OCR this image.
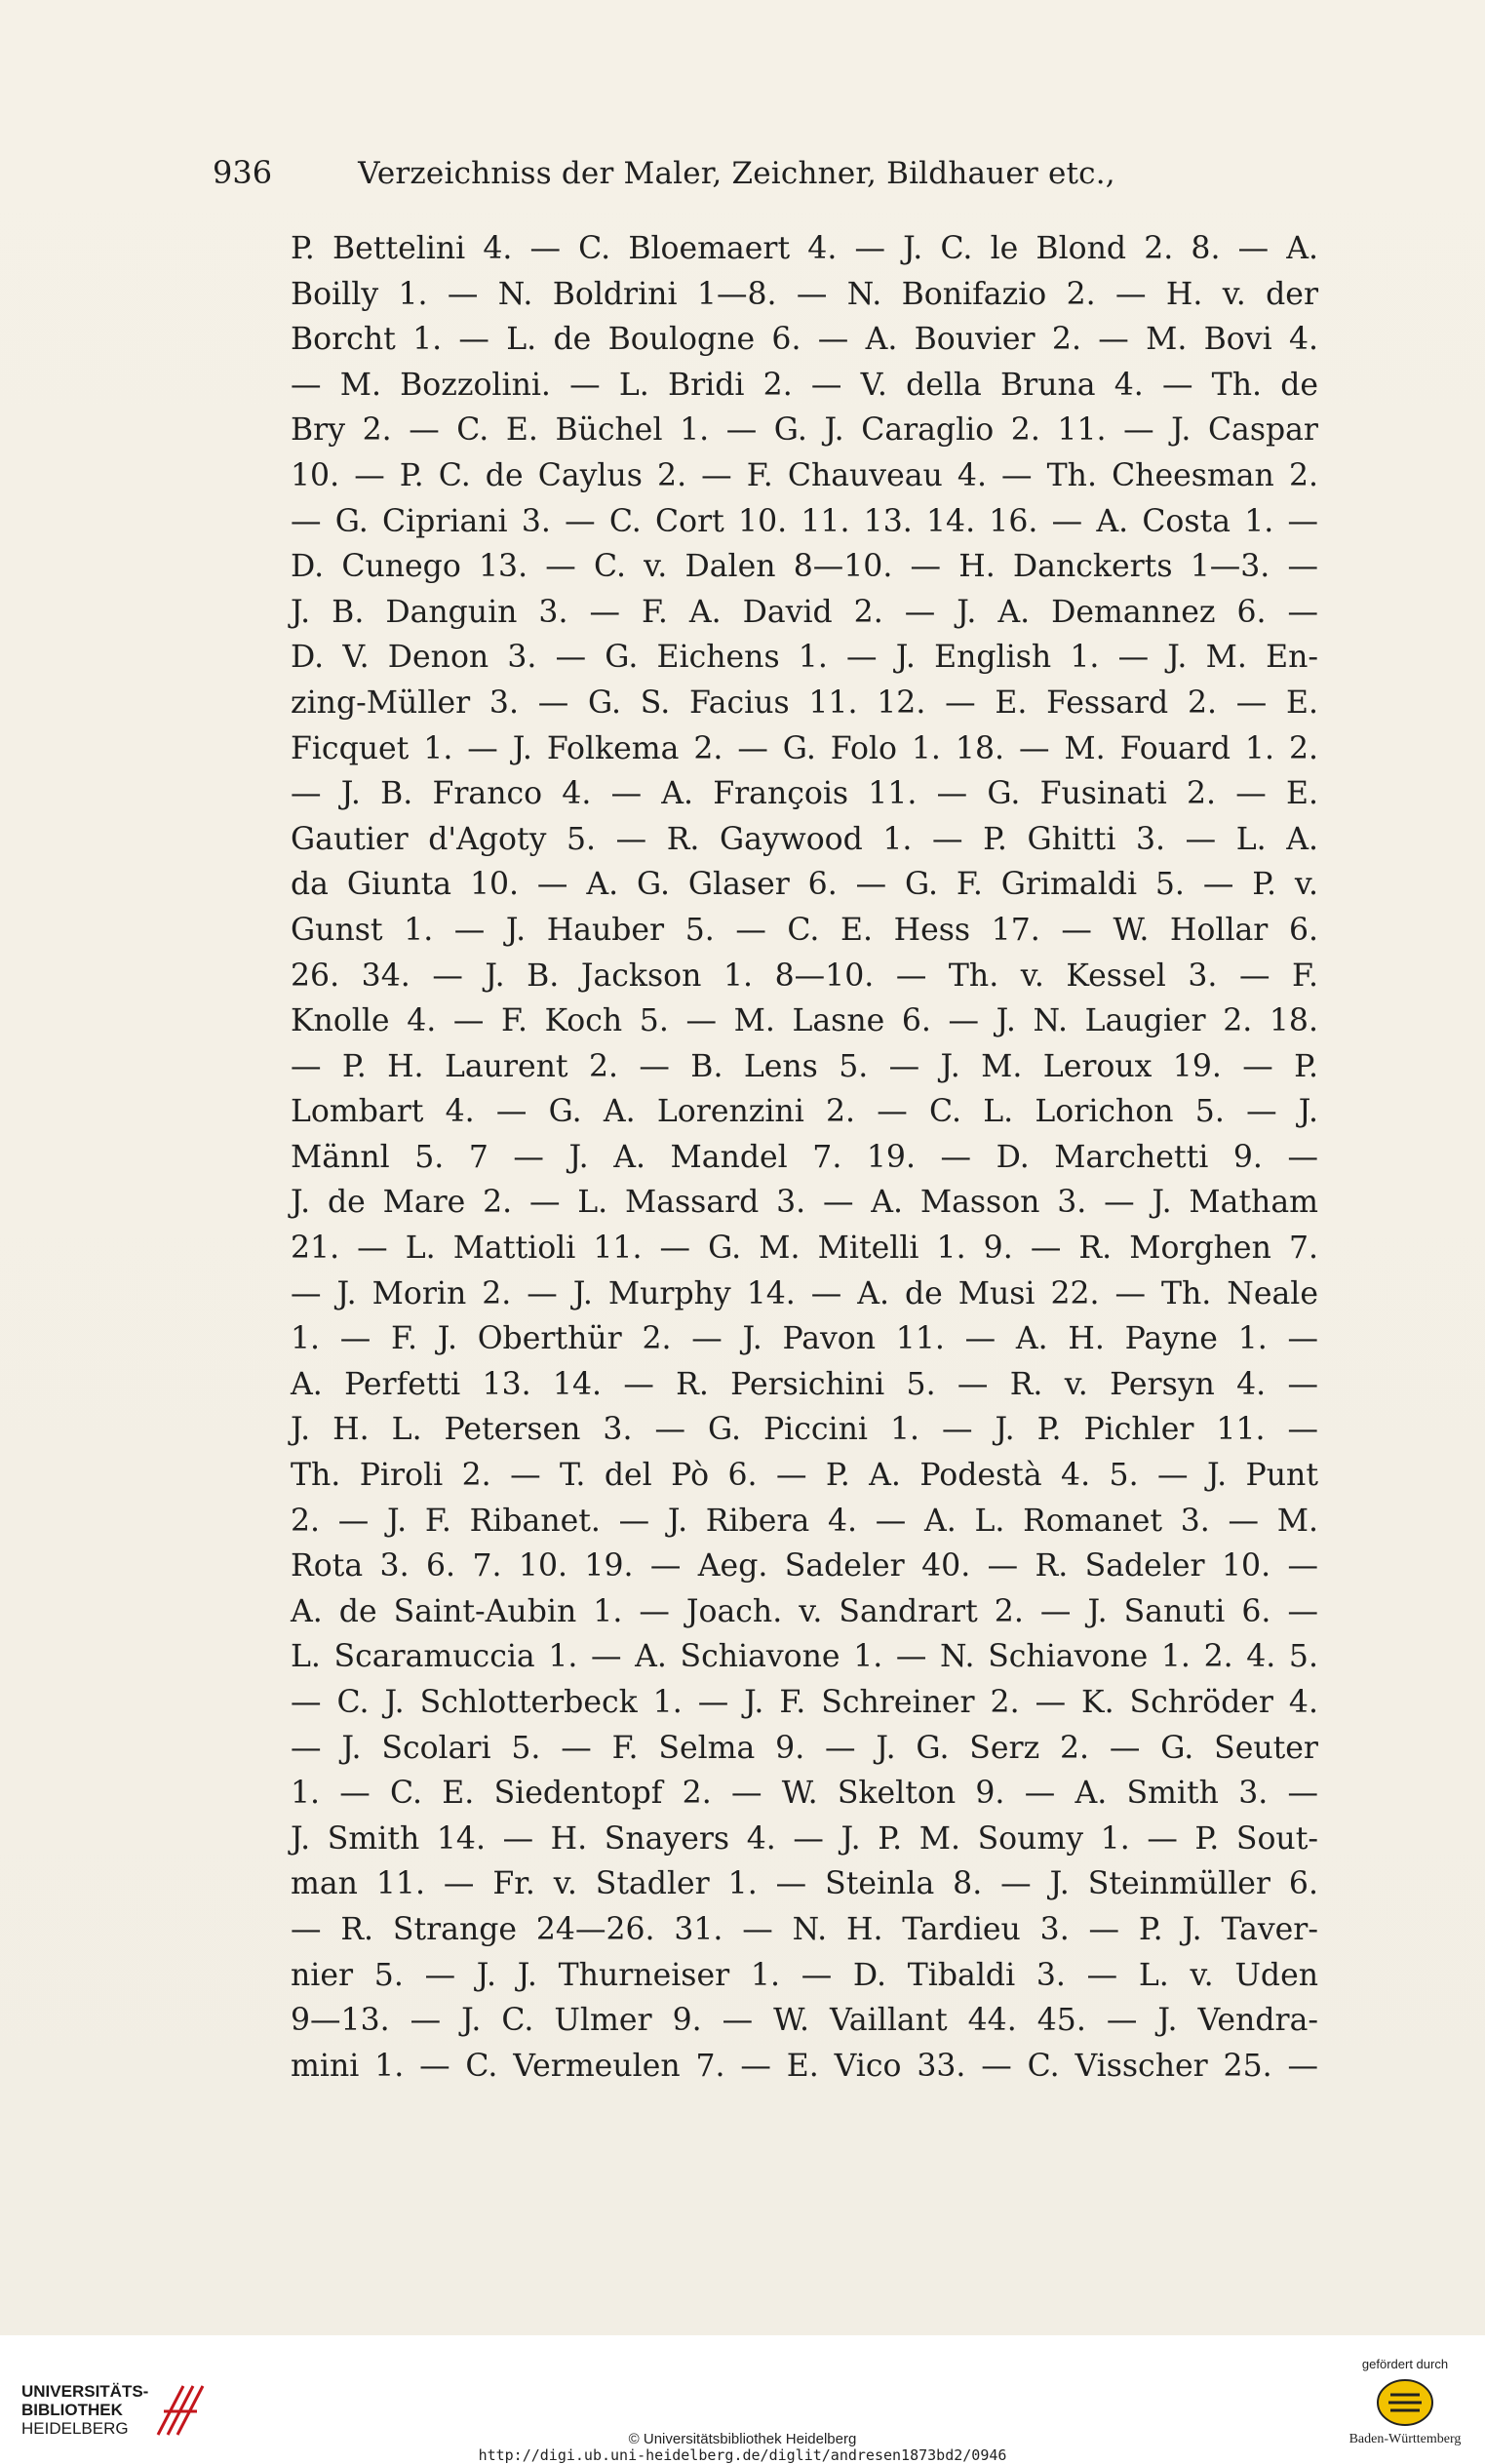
936	Verzeichniss der Maler, Zeichner, Bildhauer etc.,
P. Bettelini 4. — C. Bloemaert 4. — J. C. le Blond 2. 8. — A.
Boilly 1. — N. Boldrini 1—8. — N. Bonifazio 2. — H. v. der
Borcht 1. — L. de Boulogne 6. — A. Bouvier 2. — M. Bovi 4.
— M. Bozzolini. — L. Bridi 2. — V. della Bruna 4. — Th. de
Bry 2. — C. E. Büchel 1. — G. J. Caraglio 2. 11. — J. Caspar
10. — P. C. de Caylus 2. — F. Chauveau 4. — Th. Cheesman 2.
— G. Cipriani 3. — C. Cort 10. 11. 13. 14. 16. — A. Costa 1. —
D. Cunego 13. — C. v. Dalen 8—10. — H. Danckerts 1—3. —
J. B. Danguin 3. — F. A. David 2. — J. A. Demannez 6. —
D. V. Denon 3. — G. Eichens 1. — J. English 1. — J. M. En-
zing-Müller 3. — G. S. Facius 11. 12. — E. Fessard 2. — E.
Ficquet 1. — J. Folkema 2. — G. Folo 1. 18. — M. Fouard 1. 2.
— J. B. Franco 4. — A. François 11. — G. Fusinati 2. — E.
Gautier d'Agoty 5. — R. Gaywood 1. — P. Ghitti 3. — L. A.
da Giunta 10. — A. G. Glaser 6. — G. F. Grimaldi 5. — P. v.
Gunst 1. — J. Hauber 5. — C. E. Hess 17. — W. Hollar 6.
26. 34. — J. B. Jackson 1. 8—10. — Th. v. Kessel 3. — F.
Knolle 4. — F. Koch 5. — M. Lasne 6. — J. N. Laugier 2. 18.
— P. H. Laurent 2. — B. Lens 5. — J. M. Leroux 19. — P.
Lombart 4. — G. A. Lorenzini 2. — C. L. Lorichon 5. — J.
Männl 5. 7 — J. A. Mandel 7. 19. — D. Marchetti 9. —
J. de Mare 2. — L. Massard 3. — A. Masson 3. — J. Matham
21. — L. Mattioli 11. — G. M. Mitelli 1. 9. — R. Morghen 7.
— J. Morin 2. — J. Murphy 14. — A. de Musi 22. — Th. Neale
1. — F. J. Oberthür 2. — J. Pavon 11. — A. H. Payne 1. —
A. Perfetti 13. 14. — R. Persichini 5. — R. v. Persyn 4. —
J. H. L. Petersen 3. — G. Piccini 1. — J. P. Pichler 11. —
Th. Piroli 2. — T. del Pò 6. — P. A. Podestà 4. 5. — J. Punt
2. — J. F. Ribanet. — J. Ribera 4. — A. L. Romanet 3. — M.
Rota 3. 6. 7. 10. 19. — Aeg. Sadeler 40. — R. Sadeler 10. —
A. de Saint-Aubin 1. — Joach. v. Sandrart 2. — J. Sanuti 6. —
L. Scaramuccia 1. — A. Schiavone 1. — N. Schiavone 1. 2. 4. 5.
— C. J. Schlotterbeck 1. — J. F. Schreiner 2. — K. Schröder 4.
— J. Scolari 5. — F. Selma 9. — J. G. Serz 2. — G. Seuter
1. — C. E. Siedentopf 2. — W. Skelton 9. — A. Smith 3. —
J. Smith 14. — H. Snayers 4. — J. P. M. Soumy 1. — P. Sout-
man 11. — Fr. v. Stadler 1. — Steinla 8. — J. Steinmüller 6.
— R. Strange 24—26. 31. — N. H. Tardieu 3. — P. J. Taver-
nier 5. — J. J. Thurneiser 1. — D. Tibaldi 3. — L. v. Uden
9—13. — J. C. Ulmer 9. — W. Vaillant 44. 45. — J. Vendra-
mini 1. — C. Vermeulen 7. — E. Vico 33. — C. Visscher 25. —
UNIVERSITÄTS-
BIBLIOTHEK
HEIDELBERG
© Universitätsbibliothek Heidelberg
http://digi.ub.uni-heidelberg.de/diglit/andresen1873bd2/0946
gefördert durch
Baden-Württemberg
